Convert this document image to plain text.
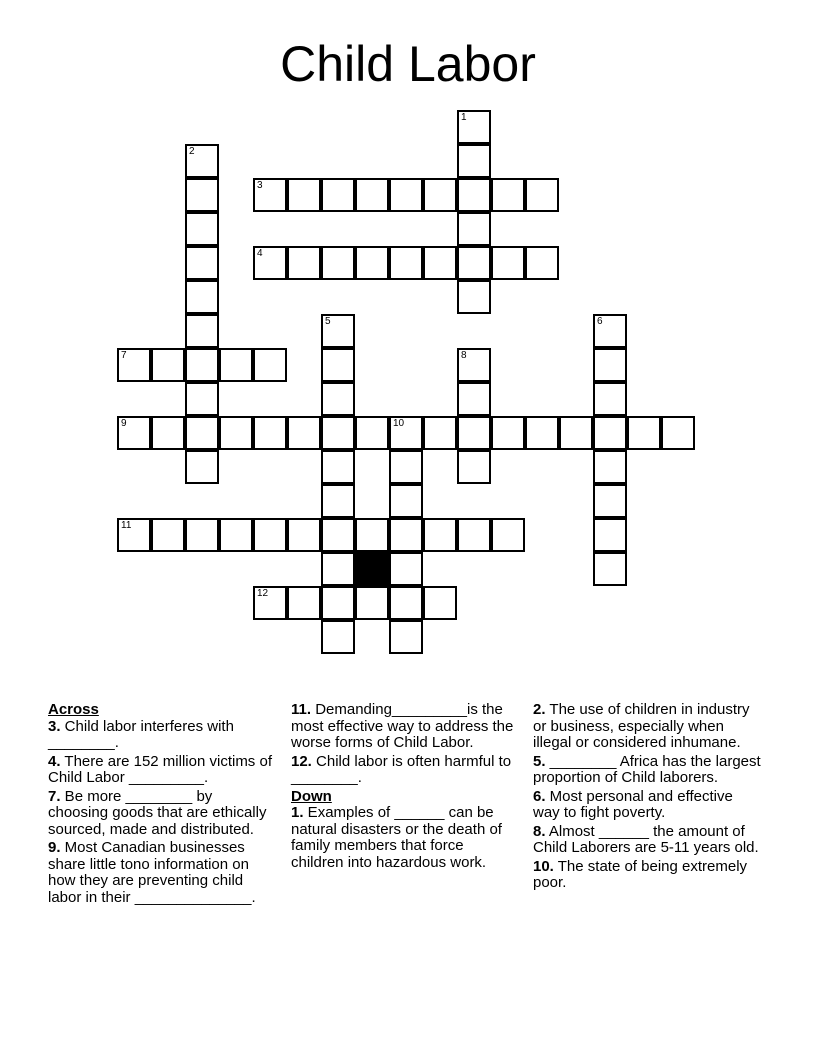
Child Labor
1
2
3
4
5	6
7	8
9	10
11
12
Across
3. Child labor interferes with ________.
4. There are 152 million victims of Child Labor _________.
7. Be more ________ by choosing goods that are ethically sourced, made and distributed.
9. Most Canadian businesses share little tono information on how they are preventing child labor in their ______________.
11. Demanding_________is the most effective way to address the worse forms of Child Labor.
12. Child labor is often harmful to ________.
Down
1. Examples of ______ can be natural disasters or the death of family members that force children into hazardous work.
2. The use of children in industry or business, especially when illegal or considered inhumane.
5. ________ Africa has the largest proportion of Child laborers.
6. Most personal and effective way to fight poverty.
8. Almost ______ the amount of Child Laborers are 5-11 years old.
10. The state of being extremely poor.
